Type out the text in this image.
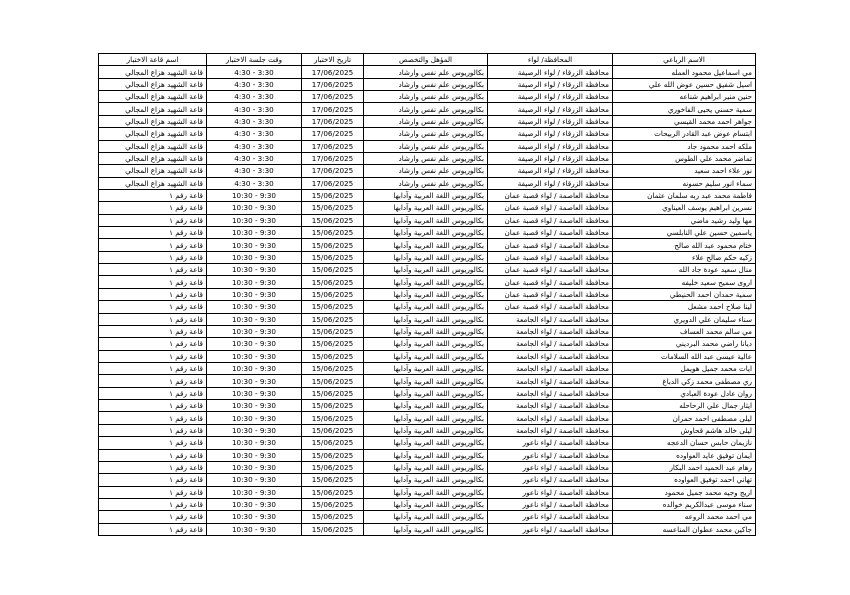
الاسم الرباعي	المحافظة/ لواء	المؤهل والتخصص	تاريخ الاختبار	وقت جلسة الاختبار	اسم قاعة الاختبار
مي اسماعيل محمود العمله	محافظة الزرقاء / لواء الرصيفة	بكالوريوس علم نفس وارشاد	17/06/2025	4:30 - 3:30	قاعة الشهيد هزاع المجالي
اسيل شفيق حسين عوض الله علي	محافظة الزرقاء / لواء الرصيفة	بكالوريوس علم نفس وارشاد	17/06/2025	4:30 - 3:30	قاعة الشهيد هزاع المجالي
حنين منير ابراهيم شناعه	محافظة الزرقاء / لواء الرصيفة	بكالوريوس علم نفس وارشاد	17/06/2025	4:30 - 3:30	قاعة الشهيد هزاع المجالي
سمية حسني يحيى الفاخوري	محافظة الزرقاء / لواء الرصيفة	بكالوريوس علم نفس وارشاد	17/06/2025	4:30 - 3:30	قاعة الشهيد هزاع المجالي
جواهر احمد محمد القيسي	محافظة الزرقاء / لواء الرصيفة	بكالوريوس علم نفس وارشاد	17/06/2025	4:30 - 3:30	قاعة الشهيد هزاع المجالي
ابتسام عوض عبد القادر الربيحات	محافظة الزرقاء / لواء الرصيفة	بكالوريوس علم نفس وارشاد	17/06/2025	4:30 - 3:30	قاعة الشهيد هزاع المجالي
ملكه احمد محمود جاد	محافظة الزرقاء / لواء الرصيفة	بكالوريوس علم نفس وارشاد	17/06/2025	4:30 - 3:30	قاعة الشهيد هزاع المجالي
تماضر محمد علي الطوس	محافظة الزرقاء / لواء الرصيفة	بكالوريوس علم نفس وارشاد	17/06/2025	4:30 - 3:30	قاعة الشهيد هزاع المجالي
نور علاء احمد سعيد	محافظة الزرقاء / لواء الرصيفة	بكالوريوس علم نفس وارشاد	17/06/2025	4:30 - 3:30	قاعة الشهيد هزاع المجالي
سماء انور سليم حسونه	محافظة الزرقاء / لواء الرصيفة	بكالوريوس علم نفس وارشاد	17/06/2025	4:30 - 3:30	قاعة الشهيد هزاع المجالي
فاطمة محمد عبد ربه سلمان عثمان	محافظة العاصمة / لواء قصبة عمان	بكالوريوس اللغة العربية وآدابها	15/06/2025	10:30 - 9:30	قاعة رقم ١
نسرين ابراهيم يوسف العيناوي	محافظة العاصمة / لواء قصبة عمان	بكالوريوس اللغة العربية وآدابها	15/06/2025	10:30 - 9:30	قاعة رقم ١
مها وليد رشيد ماضي	محافظة العاصمة / لواء قصبة عمان	بكالوريوس اللغة العربية وآدابها	15/06/2025	10:30 - 9:30	قاعة رقم ١
ياسمين حسين علي النابلسي	محافظة العاصمة / لواء قصبة عمان	بكالوريوس اللغة العربية وآدابها	15/06/2025	10:30 - 9:30	قاعة رقم ١
ختام محمود عبد الله صالح	محافظة العاصمة / لواء قصبة عمان	بكالوريوس اللغة العربية وآدابها	15/06/2025	10:30 - 9:30	قاعة رقم ١
زكيه حكم صالح علاء	محافظة العاصمة / لواء قصبة عمان	بكالوريوس اللغة العربية وآدابها	15/06/2025	10:30 - 9:30	قاعة رقم ١
منال سعيد عودة جاد الله	محافظة العاصمة / لواء قصبة عمان	بكالوريوس اللغة العربية وآدابها	15/06/2025	10:30 - 9:30	قاعة رقم ١
اروى سميح سعيد خليفه	محافظة العاصمة / لواء قصبة عمان	بكالوريوس اللغة العربية وآدابها	15/06/2025	10:30 - 9:30	قاعة رقم ١
سمية حمدان احمد الحنيطي	محافظة العاصمة / لواء قصبة عمان	بكالوريوس اللغة العربية وآدابها	15/06/2025	10:30 - 9:30	قاعة رقم ١
لينا صلاح احمد مشعل	محافظة العاصمة / لواء قصبة عمان	بكالوريوس اللغة العربية وآدابها	15/06/2025	10:30 - 9:30	قاعة رقم ١
سناء سليمان علي الدويري	محافظة العاصمة / لواء الجامعة	بكالوريوس اللغة العربية وآدابها	15/06/2025	10:30 - 9:30	قاعة رقم ١
مي سالم محمد العساف	محافظة العاصمة / لواء الجامعة	بكالوريوس اللغة العربية وآدابها	15/06/2025	10:30 - 9:30	قاعة رقم ١
ديانا راضي محمد البرديني	محافظة العاصمة / لواء الجامعة	بكالوريوس اللغة العربية وآدابها	15/06/2025	10:30 - 9:30	قاعة رقم ١
عالية عيسى عبد الله السلامات	محافظة العاصمة / لواء الجامعة	بكالوريوس اللغة العربية وآدابها	15/06/2025	10:30 - 9:30	قاعة رقم ١
ايات محمد جميل هويمل	محافظة العاصمة / لواء الجامعة	بكالوريوس اللغة العربية وآدابها	15/06/2025	10:30 - 9:30	قاعة رقم ١
ري مصطفى محمد زكي الدباغ	محافظة العاصمة / لواء الجامعة	بكالوريوس اللغة العربية وآدابها	15/06/2025	10:30 - 9:30	قاعة رقم ١
روان عادل عودة العبادي	محافظة العاصمة / لواء الجامعة	بكالوريوس اللغة العربية وآدابها	15/06/2025	10:30 - 9:30	قاعة رقم ١
ايثار جمال علي الرحاحله	محافظة العاصمة / لواء الجامعة	بكالوريوس اللغة العربية وآدابها	15/06/2025	10:30 - 9:30	قاعة رقم ١
ليلى مصطفى احمد حمران	محافظة العاصمة / لواء الجامعة	بكالوريوس اللغة العربية وآدابها	15/06/2025	10:30 - 9:30	قاعة رقم ١
ليلى خالد هاشم قحاوش	محافظة العاصمة / لواء الجامعة	بكالوريوس اللغة العربية وآدابها	15/06/2025	10:30 - 9:30	قاعة رقم ١
نازيمان حابس حسان الدعجه	محافظة العاصمة / لواء ناعور	بكالوريوس اللغة العربية وآدابها	15/06/2025	10:30 - 9:30	قاعة رقم ١
ايمان توفيق عايد العواوده	محافظة العاصمة / لواء ناعور	بكالوريوس اللغة العربية وآدابها	15/06/2025	10:30 - 9:30	قاعة رقم ١
رهام عبد الحميد احمد البكار	محافظة العاصمة / لواء ناعور	بكالوريوس اللغة العربية وآدابها	15/06/2025	10:30 - 9:30	قاعة رقم ١
تهاني احمد توفيق العواوده	محافظة العاصمة / لواء ناعور	بكالوريوس اللغة العربية وآدابها	15/06/2025	10:30 - 9:30	قاعة رقم ١
اريج وجيه محمد جميل محمود	محافظة العاصمة / لواء ناعور	بكالوريوس اللغة العربية وآدابها	15/06/2025	10:30 - 9:30	قاعة رقم ١
سناء موسى عبدالكريم خوالده	محافظة العاصمة / لواء ناعور	بكالوريوس اللغة العربية وآدابها	15/06/2025	10:30 - 9:30	قاعة رقم ١
مي احمد محمد الروعه	محافظة العاصمة / لواء ناعور	بكالوريوس اللغة العربية وآدابها	15/06/2025	10:30 - 9:30	قاعة رقم ١
جاكين محمد عطوان المناعسه	محافظة العاصمة / لواء ناعور	بكالوريوس اللغة العربية وآدابها	15/06/2025	10:30 - 9:30	قاعة رقم ١
